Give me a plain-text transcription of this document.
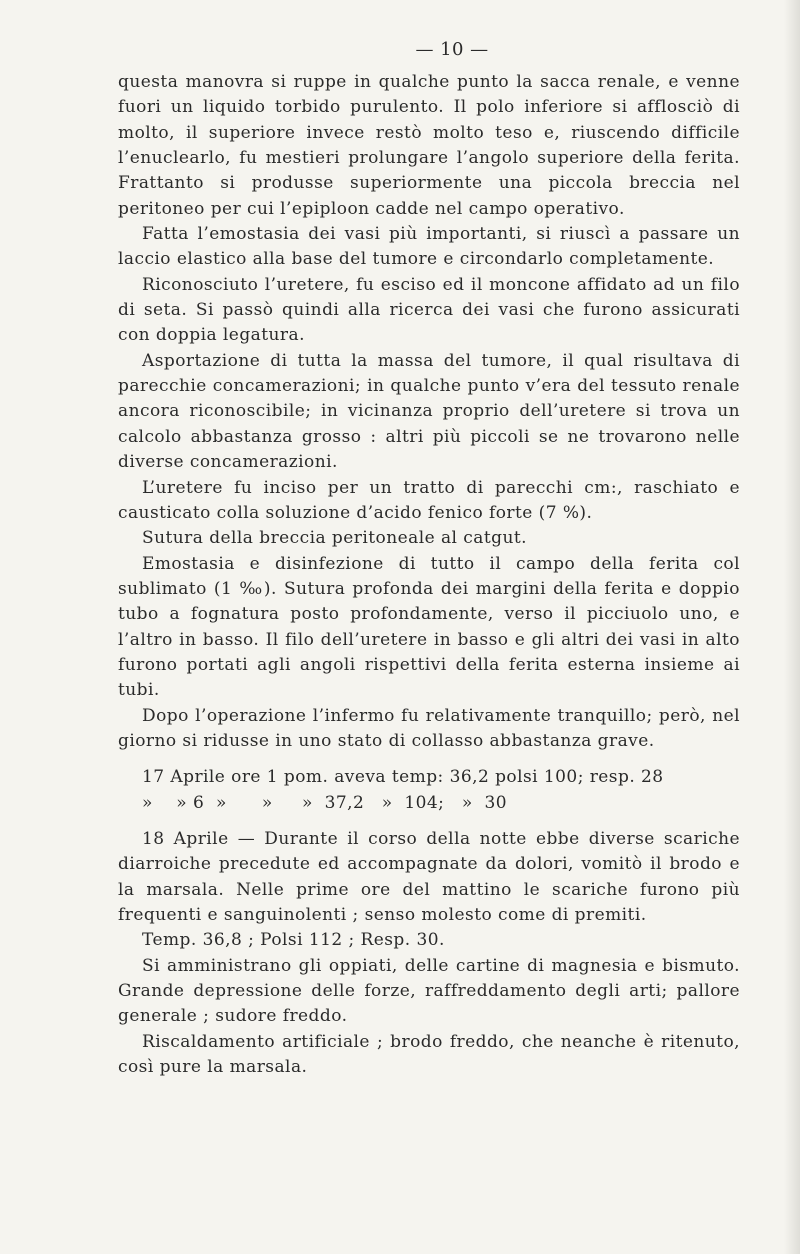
— 10 —

questa manovra si ruppe in qualche punto la sacca renale, e venne fuori un liquido torbido purulento. Il polo inferiore si afflosciò di molto, il superiore invece restò molto teso e, riuscendo difficile l’enuclearlo, fu mestieri prolungare l’angolo superiore della ferita. Frattanto si produsse superiormente una piccola breccia nel peritoneo per cui l’epiploon cadde nel campo operativo.

Fatta l’emostasia dei vasi più importanti, si riuscì a passare un laccio elastico alla base del tumore e circondarlo completamente.

Riconosciuto l’uretere, fu esciso ed il moncone affidato ad un filo di seta. Si passò quindi alla ricerca dei vasi che furono assicurati con doppia legatura.

Asportazione di tutta la massa del tumore, il qual risultava di parecchie concamerazioni; in qualche punto v’era del tessuto renale ancora riconoscibile; in vicinanza proprio dell’uretere si trova un calcolo abbastanza grosso : altri più piccoli se ne trovarono nelle diverse concamerazioni.

L’uretere fu inciso per un tratto di parecchi cm:, raschiato e causticato colla soluzione d’acido fenico forte (7 %).

Sutura della breccia peritoneale al catgut.

Emostasia e disinfezione di tutto il campo della ferita col sublimato (1 ‰). Sutura profonda dei margini della ferita e doppio tubo a fognatura posto profondamente, verso il picciuolo uno, e l’altro in basso. Il filo dell’uretere in basso e gli altri dei vasi in alto furono portati agli angoli rispettivi della ferita esterna insieme ai tubi.

Dopo l’operazione l’infermo fu relativamente tranquillo; però, nel giorno si ridusse in uno stato di collasso abbastanza grave.

17 Aprile ore 1 pom. aveva temp: 36,2 polsi 100; resp. 28
»    » 6  »      »     »  37,2   »  104;   »  30

18 Aprile — Durante il corso della notte ebbe diverse scariche diarroiche precedute ed accompagnate da dolori, vomitò il brodo e la marsala. Nelle prime ore del mattino le scariche furono più frequenti e sanguinolenti ; senso molesto come di premiti.

Temp. 36,8 ; Polsi 112 ; Resp. 30.

Si amministrano gli oppiati, delle cartine di magnesia e bismuto. Grande depressione delle forze, raffreddamento degli arti; pallore generale ; sudore freddo.

Riscaldamento artificiale ; brodo freddo, che neanche è ritenuto, così pure la marsala.
